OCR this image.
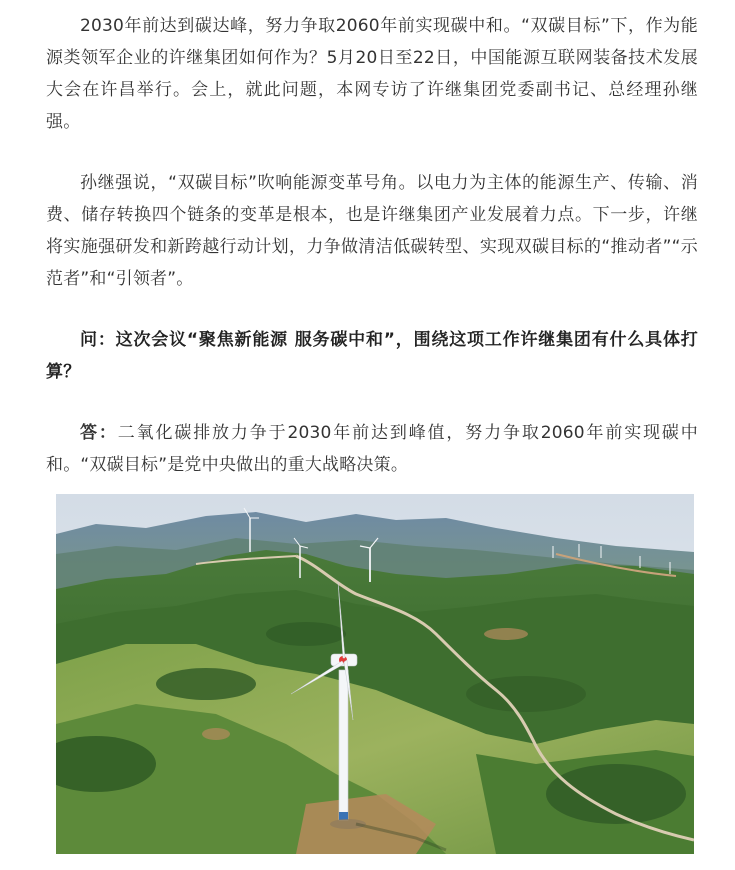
2030年前达到碳达峰，努力争取2060年前实现碳中和。“双碳目标”下，作为能源类领军企业的许继集团如何作为？5月20日至22日，中国能源互联网装备技术发展大会在许昌举行。会上，就此问题，本网专访了许继集团党委副书记、总经理孙继强。

孙继强说，“双碳目标”吹响能源变革号角。以电力为主体的能源生产、传输、消费、储存转换四个链条的变革是根本，也是许继集团产业发展着力点。下一步，许继将实施强研发和新跨越行动计划，力争做清洁低碳转型、实现双碳目标的“推动者”“示范者”和“引领者”。

问：这次会议“聚焦新能源 服务碳中和”，围绕这项工作许继集团有什么具体打算？

答：二氧化碳排放力争于2030年前达到峰值，努力争取2060年前实现碳中和。“双碳目标”是党中央做出的重大战略决策。
